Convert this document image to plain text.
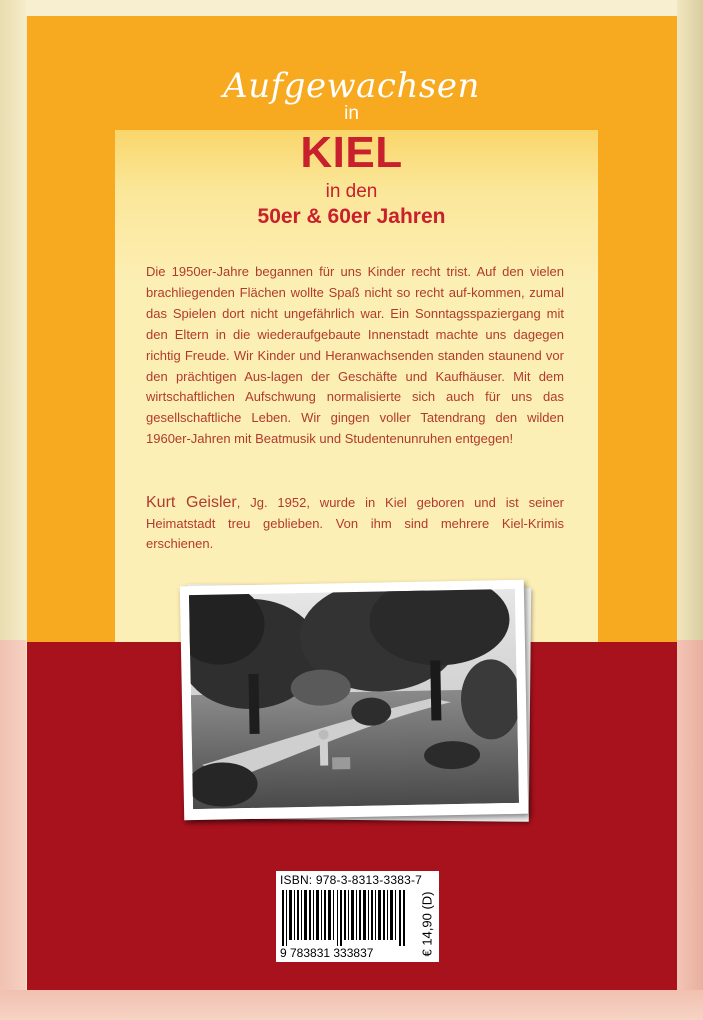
Aufgewachsen
in
KIEL
in den
50er & 60er Jahren

Die 1950er-Jahre begannen für uns Kinder recht trist. Auf den vielen brachliegenden Flächen wollte Spaß nicht so recht auf-kommen, zumal das Spielen dort nicht ungefährlich war. Ein Sonntagsspaziergang mit den Eltern in die wiederaufgebaute Innenstadt machte uns dagegen richtig Freude. Wir Kinder und Heranwachsenden standen staunend vor den prächtigen Aus-lagen der Geschäfte und Kaufhäuser. Mit dem wirtschaftlichen Aufschwung normalisierte sich auch für uns das gesellschaftliche Leben. Wir gingen voller Tatendrang den wilden 1960er-Jahren mit Beatmusik und Studentenunruhen entgegen!

Kurt Geisler, Jg. 1952, wurde in Kiel geboren und ist seiner Heimatstadt treu geblieben. Von ihm sind mehrere Kiel-Krimis erschienen.

ISBN: 978-3-8313-3383-7
9 783831 333837	€ 14,90 (D)
